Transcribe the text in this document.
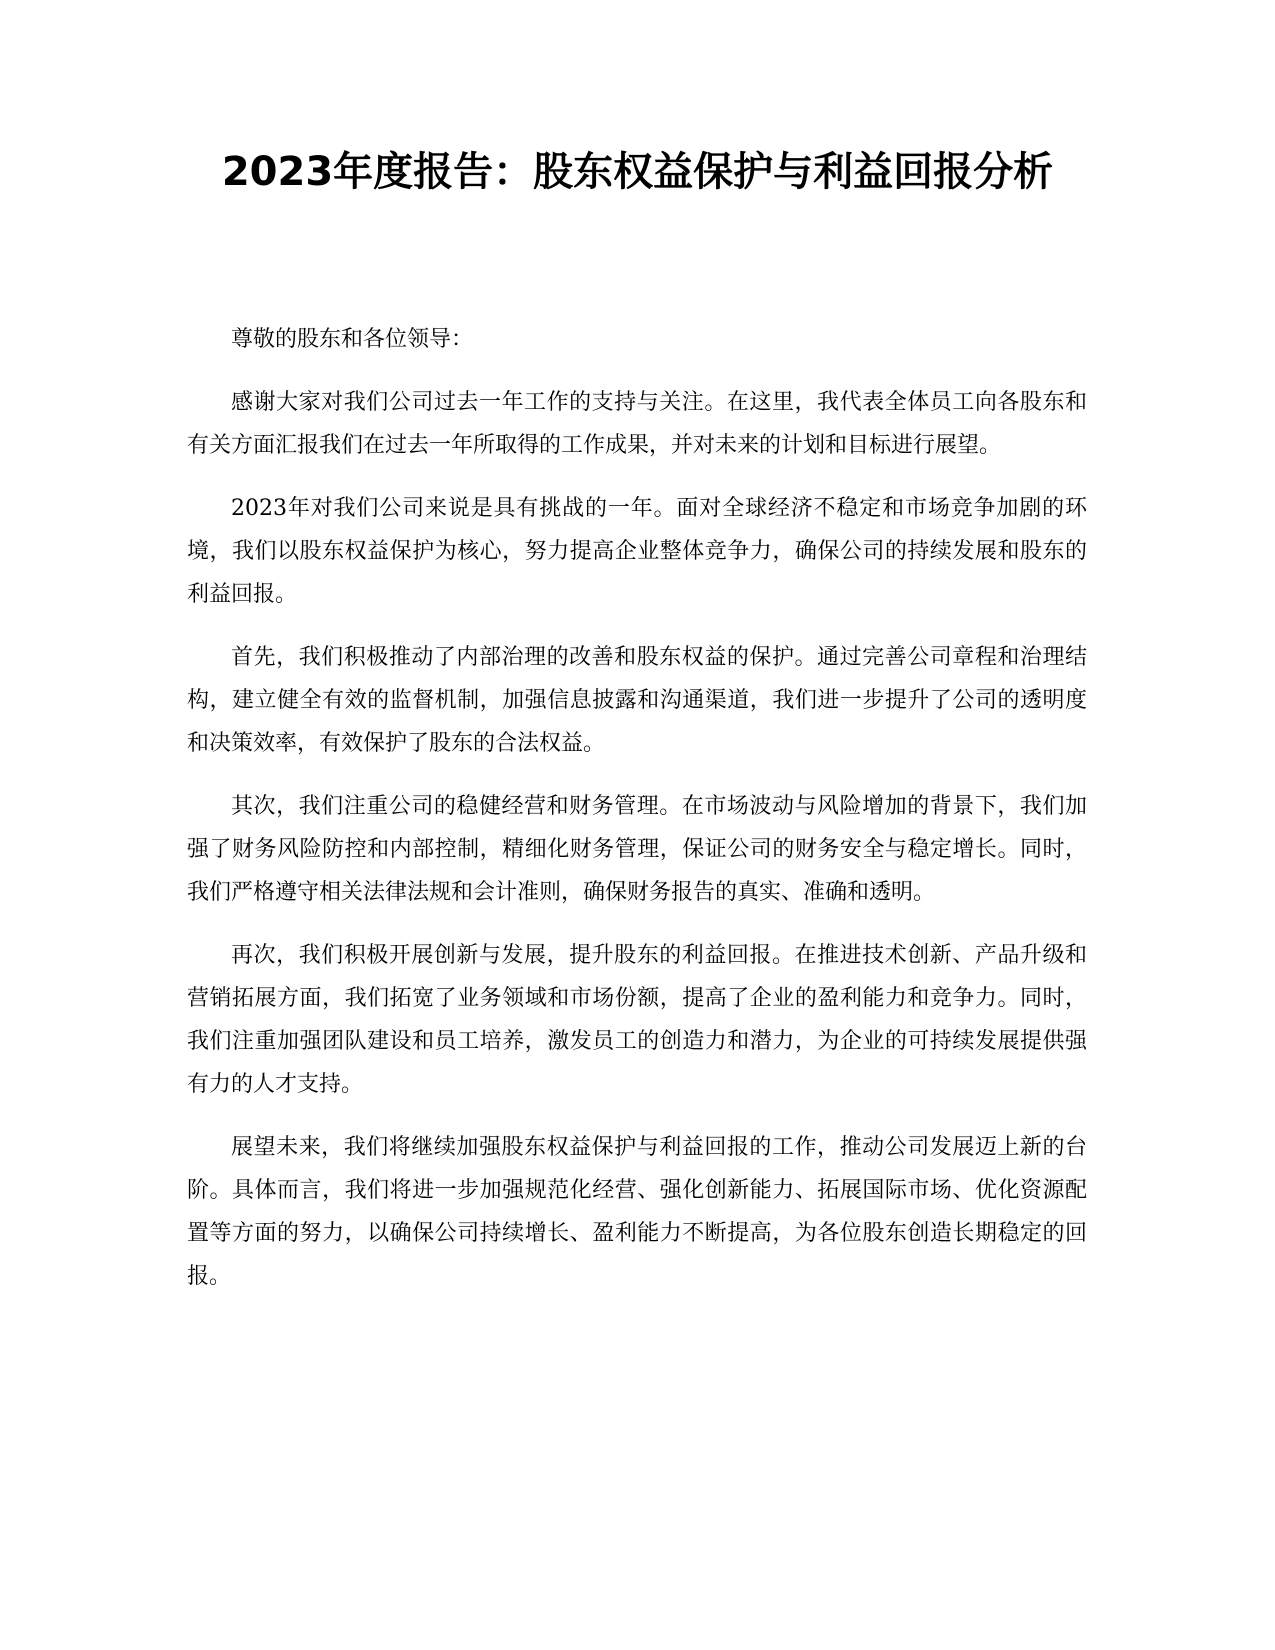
2023年度报告：股东权益保护与利益回报分析

尊敬的股东和各位领导：

感谢大家对我们公司过去一年工作的支持与关注。在这里，我代表全体员工向各股东和有关方面汇报我们在过去一年所取得的工作成果，并对未来的计划和目标进行展望。

2023年对我们公司来说是具有挑战的一年。面对全球经济不稳定和市场竞争加剧的环境，我们以股东权益保护为核心，努力提高企业整体竞争力，确保公司的持续发展和股东的利益回报。

首先，我们积极推动了内部治理的改善和股东权益的保护。通过完善公司章程和治理结构，建立健全有效的监督机制，加强信息披露和沟通渠道，我们进一步提升了公司的透明度和决策效率，有效保护了股东的合法权益。

其次，我们注重公司的稳健经营和财务管理。在市场波动与风险增加的背景下，我们加强了财务风险防控和内部控制，精细化财务管理，保证公司的财务安全与稳定增长。同时，我们严格遵守相关法律法规和会计准则，确保财务报告的真实、准确和透明。

再次，我们积极开展创新与发展，提升股东的利益回报。在推进技术创新、产品升级和营销拓展方面，我们拓宽了业务领域和市场份额，提高了企业的盈利能力和竞争力。同时，我们注重加强团队建设和员工培养，激发员工的创造力和潜力，为企业的可持续发展提供强有力的人才支持。

展望未来，我们将继续加强股东权益保护与利益回报的工作，推动公司发展迈上新的台阶。具体而言，我们将进一步加强规范化经营、强化创新能力、拓展国际市场、优化资源配置等方面的努力，以确保公司持续增长、盈利能力不断提高，为各位股东创造长期稳定的回报。
